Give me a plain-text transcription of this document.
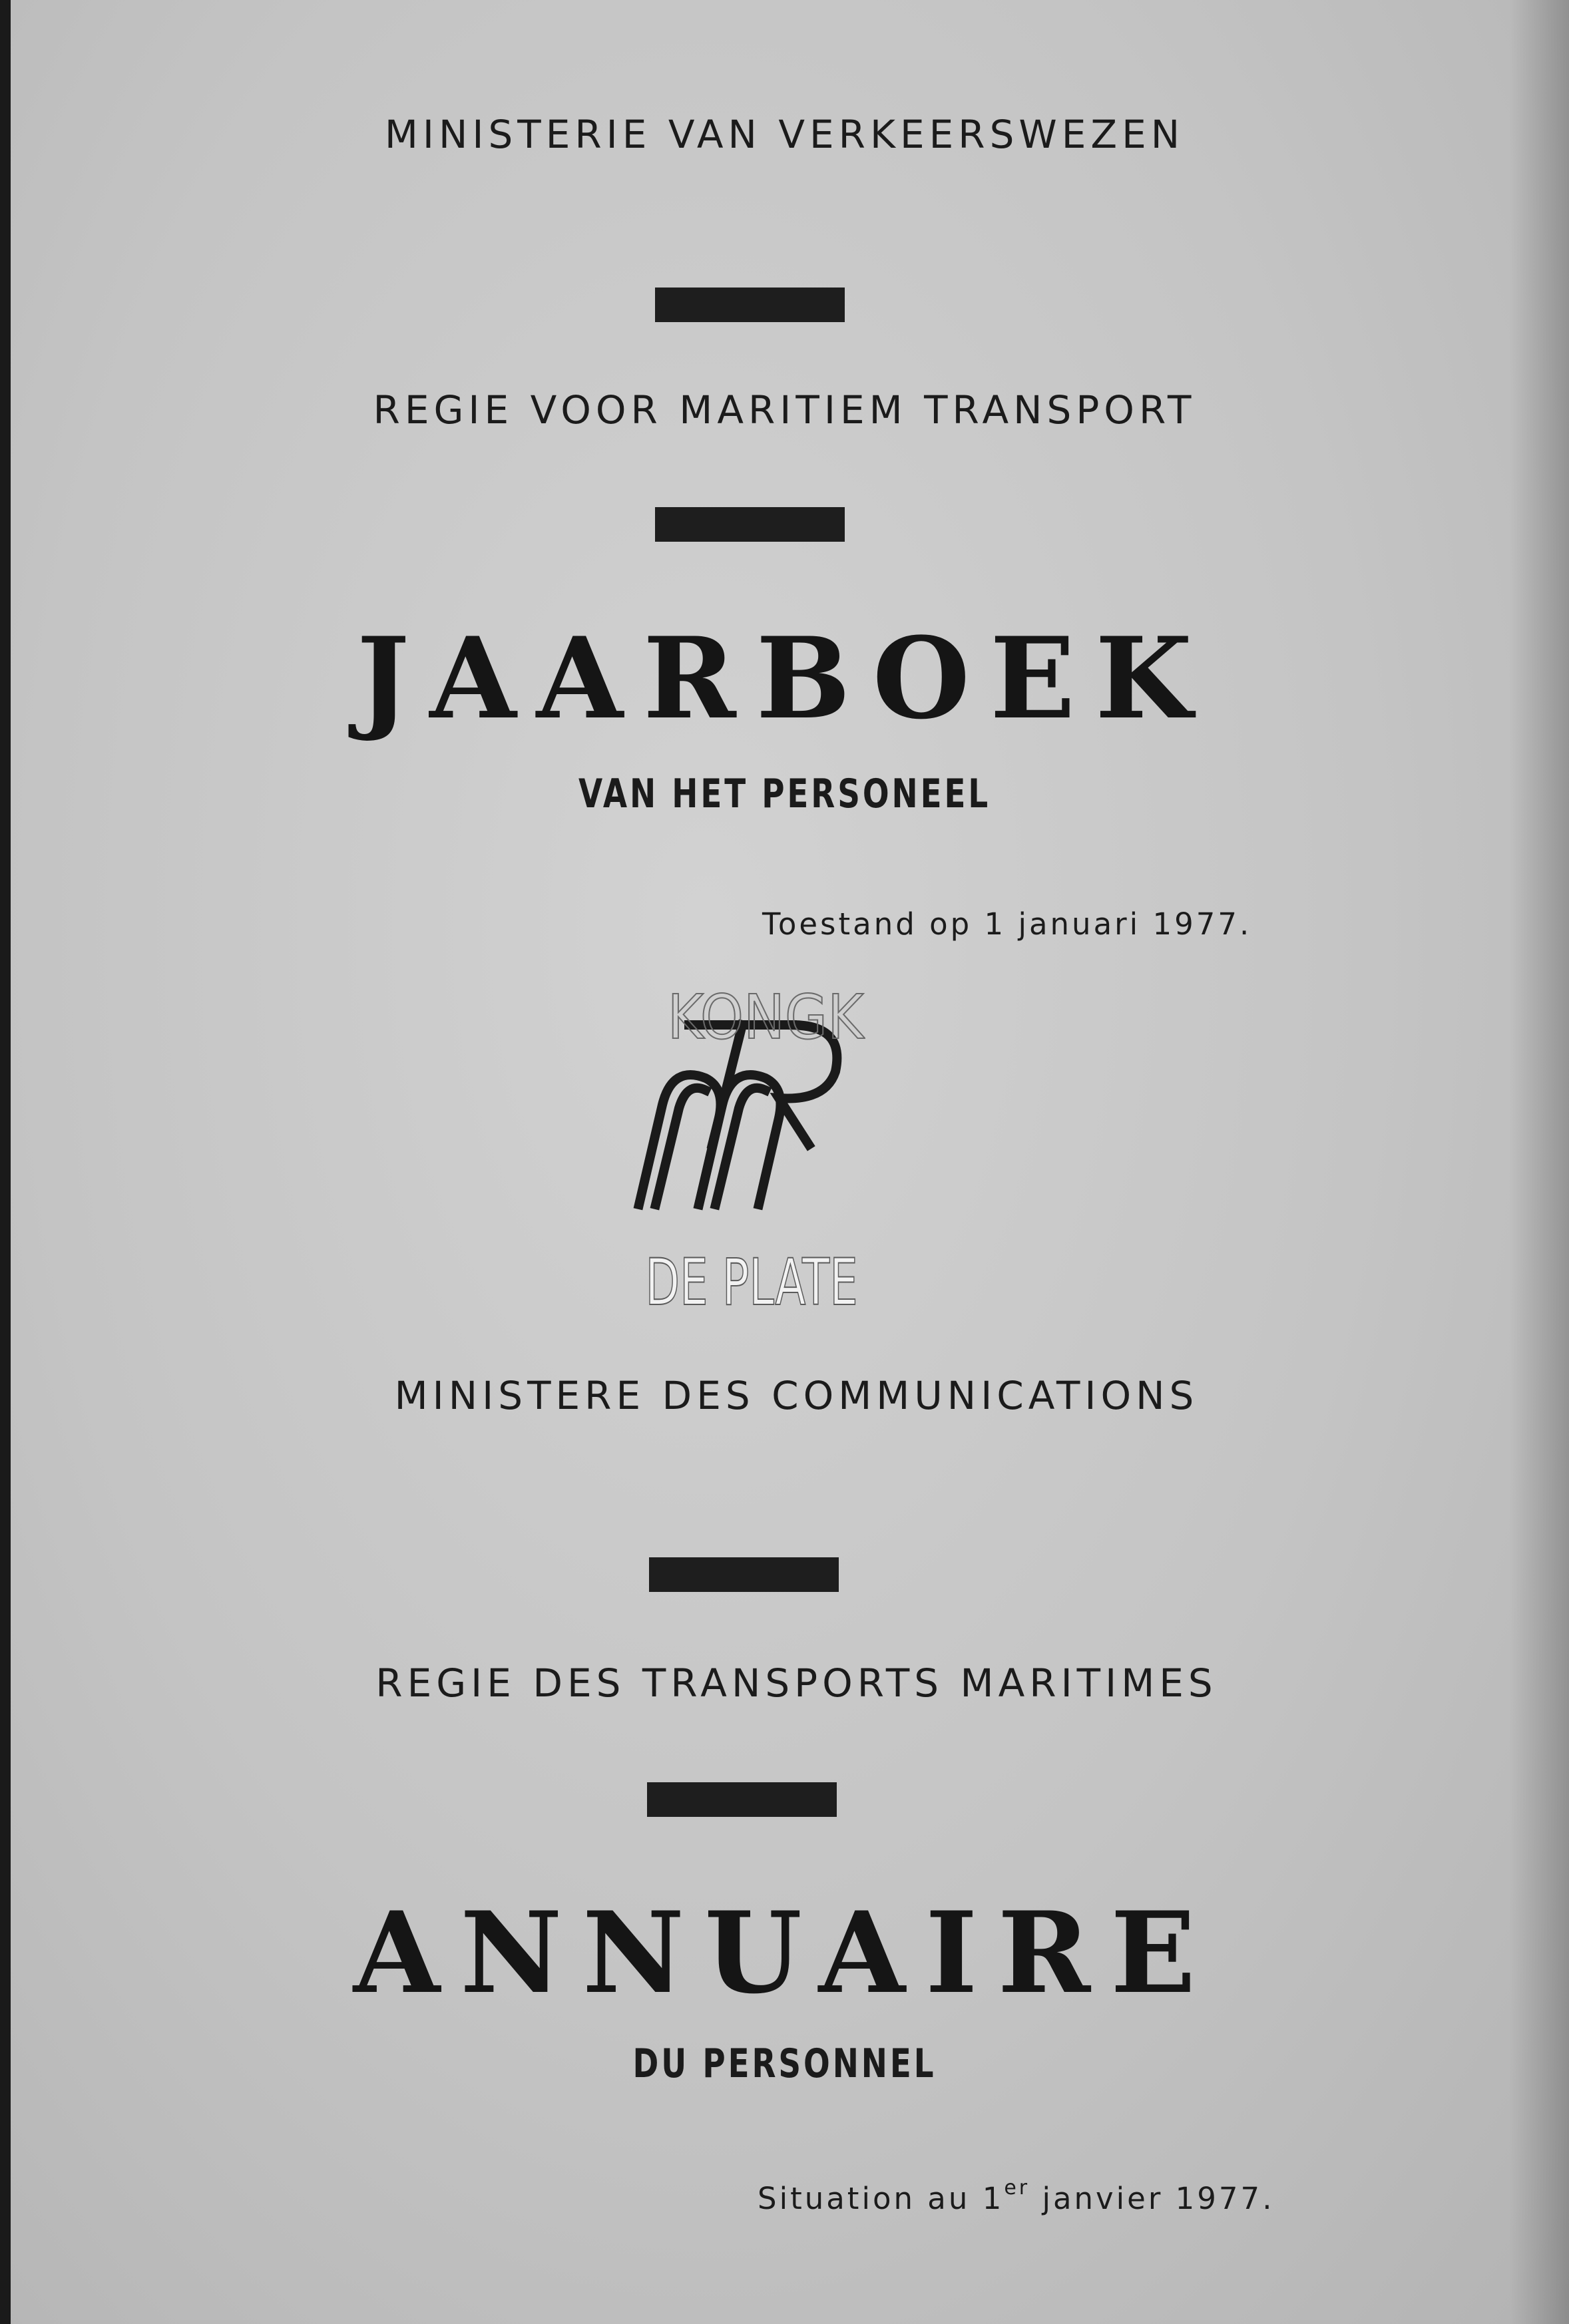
MINISTERIE VAN VERKEERSWEZEN
REGIE VOOR MARITIEM TRANSPORT
JAARBOEK
VAN HET PERSONEEL
Toestand op 1 januari 1977.
KONGK
DE PLATE
MINISTERE DES COMMUNICATIONS
REGIE DES TRANSPORTS MARITIMES
ANNUAIRE
DU PERSONNEL
Situation au 1er janvier 1977.
